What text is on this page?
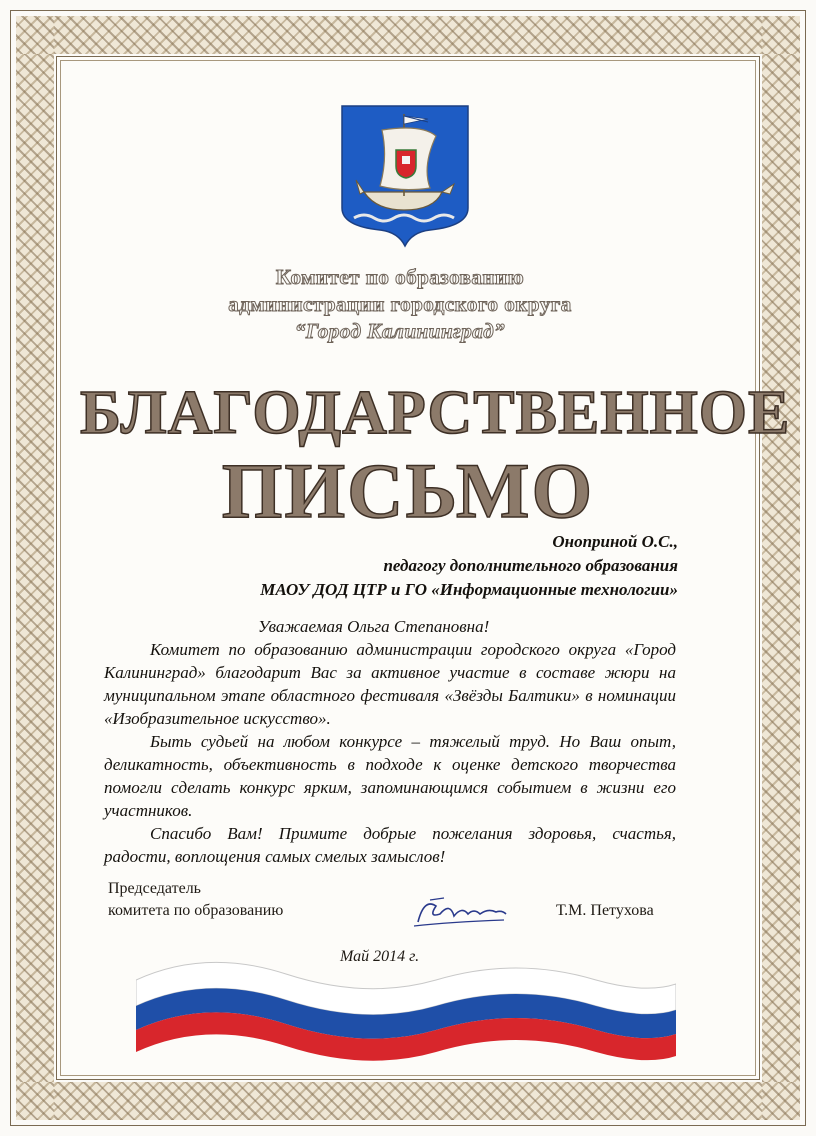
Комитет по образованию
администрации городского округа
“Город Калининград”
БЛАГОДАРСТВЕННОЕ
ПИСЬМО
Оноприной О.С.,
педагогу дополнительного образования
МАОУ ДОД ЦТР и ГО «Информационные технологии»

Уважаемая Ольга Степановна!

Комитет по образованию администрации городского округа «Город Калининград» благодарит Вас за активное участие в составе жюри на муниципальном этапе областного фестиваля «Звёзды Балтики» в номинации «Изобразительное искусство».

Быть судьей на любом конкурсе – тяжелый труд. Но Ваш опыт, деликатность, объективность в подходе к оценке детского творчества помогли сделать конкурс ярким, запоминающимся событием в жизни его участников.

Спасибо Вам! Примите добрые пожелания здоровья, счастья, радости, воплощения самых смелых замыслов!

Председатель
комитета по образованию	Т.М. Петухова
Май 2014 г.
